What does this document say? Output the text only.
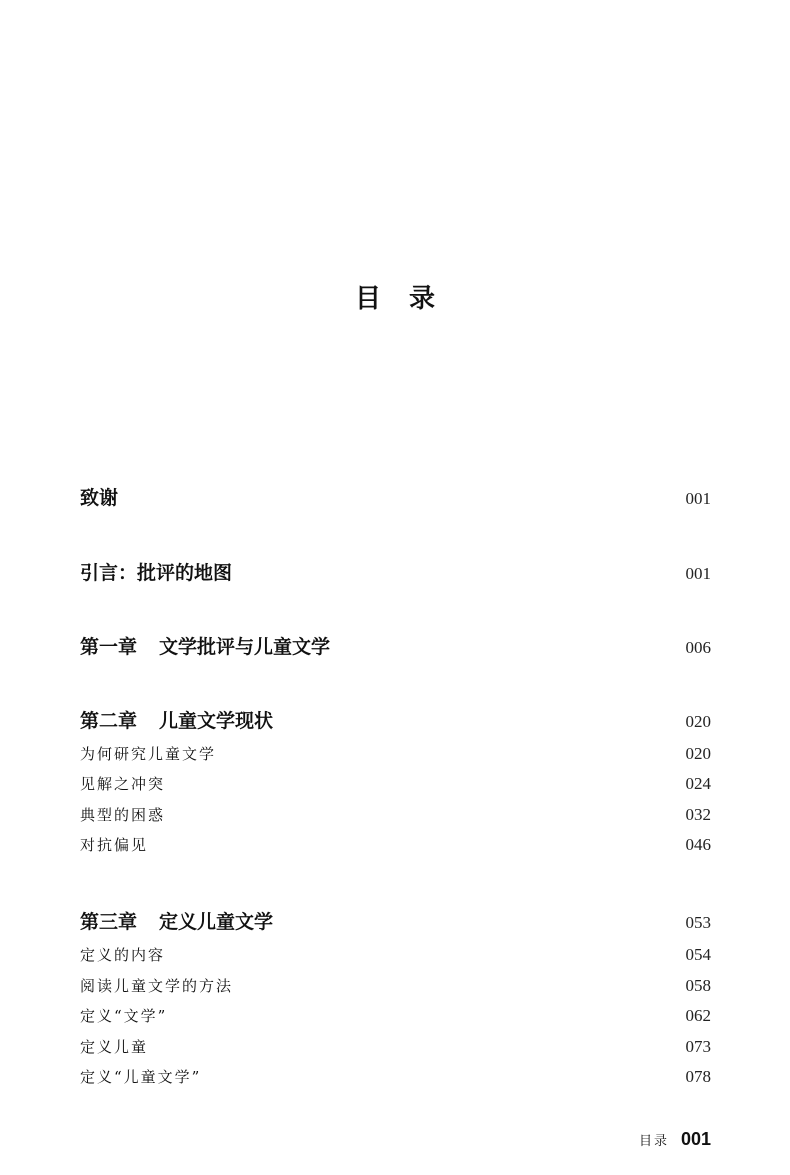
目 录
致谢	001
引言：批评的地图	001
第一章 文学批评与儿童文学	006
第二章 儿童文学现状	020
为何研究儿童文学	020
见解之冲突	024
典型的困惑	032
对抗偏见	046
第三章 定义儿童文学	053
定义的内容	054
阅读儿童文学的方法	058
定义“文学”	062
定义儿童	073
定义“儿童文学”	078
目录 001
